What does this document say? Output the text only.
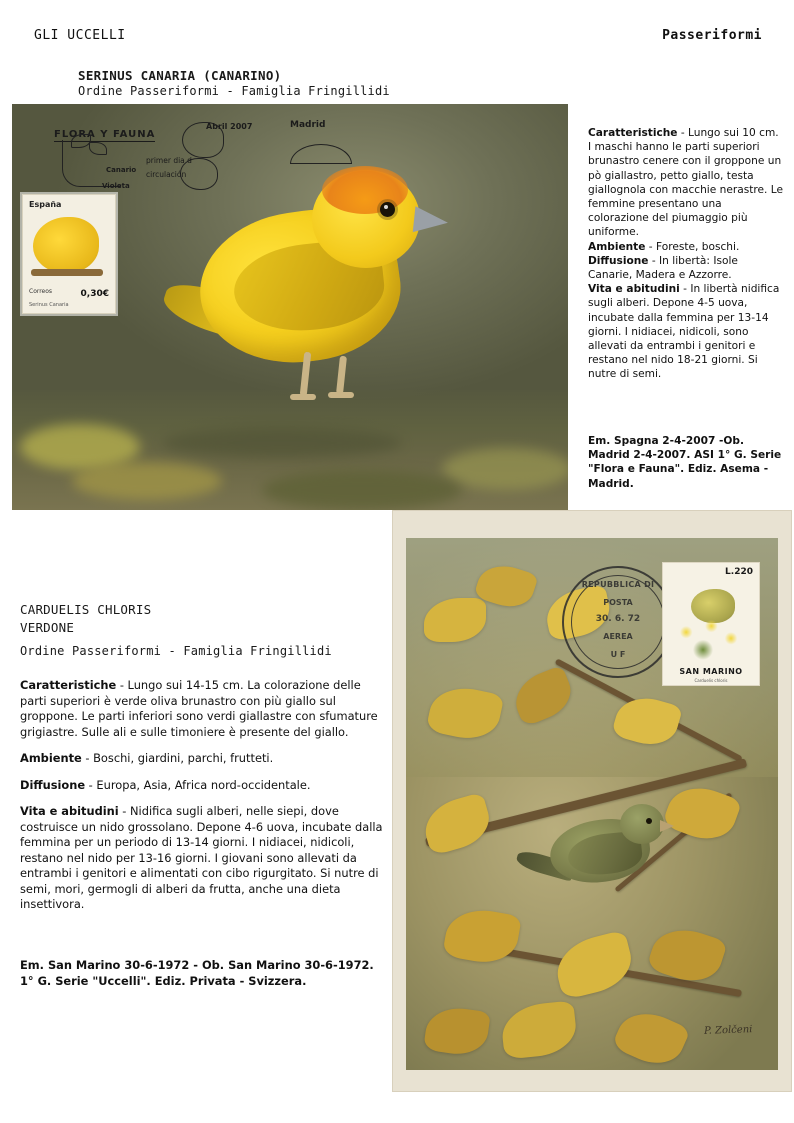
GLI UCCELLI	Passeriformi
SERINUS CANARIA (CANARINO)
Ordine Passeriformi - Famiglia Fringillidi
FLORA Y FAUNA
Abril 2007	Madrid
primer dia d
circulación
Canario
Violeta
España
Correos	0,30€
Serinus Canaria

Caratteristiche - Lungo sui 10 cm. I maschi hanno le parti superiori brunastro cenere con il groppone un pò giallastro, petto giallo, testa giallognola con macchie nerastre. Le femmine presentano una colorazione del piumaggio più uniforme.

Ambiente - Foreste, boschi.

Diffusione - In libertà: Isole Canarie, Madera e Azzorre.

Vita e abitudini - In libertà nidifica sugli alberi. Depone 4-5 uova, incubate dalla femmina per 13-14 giorni. I nidiacei, nidicoli, sono allevati da entrambi i genitori e restano nel nido 18-21 giorni. Si nutre di semi.

Em. Spagna 2-4-2007 -Ob. Madrid 2-4-2007. ASI 1° G. Serie "Flora e Fauna". Ediz. Asema - Madrid.
CARDUELIS CHLORIS
VERDONE
Ordine Passeriformi - Famiglia Fringillidi

Caratteristiche - Lungo sui 14-15 cm. La colorazione delle parti superiori è verde oliva brunastro con più giallo sul groppone. Le parti inferiori sono verdi giallastre con sfumature grigiastre. Sulle ali e sulle timoniere è presente del giallo.

Ambiente - Boschi, giardini, parchi, frutteti.

Diffusione - Europa, Asia, Africa nord-occidentale.

Vita e abitudini - Nidifica sugli alberi, nelle siepi, dove costruisce un nido grossolano. Depone 4-6 uova, incubate dalla femmina per un periodo di 13-14 giorni. I nidiacei, nidicoli, restano nel nido per 13-16 giorni. I giovani sono allevati da entrambi i genitori e alimentati con cibo rigurgitato. Si nutre di semi, mori, germogli di alberi da frutta, anche una dieta insettivora.

Em. San Marino 30-6-1972 - Ob. San Marino 30-6-1972. 1° G. Serie "Uccelli". Ediz. Privata - Svizzera.
P. Zolčeni
REPUBBLICA DI
POSTA
30. 6. 72
AEREA
U F
L.220
SAN MARINO
Carduelis chloris
